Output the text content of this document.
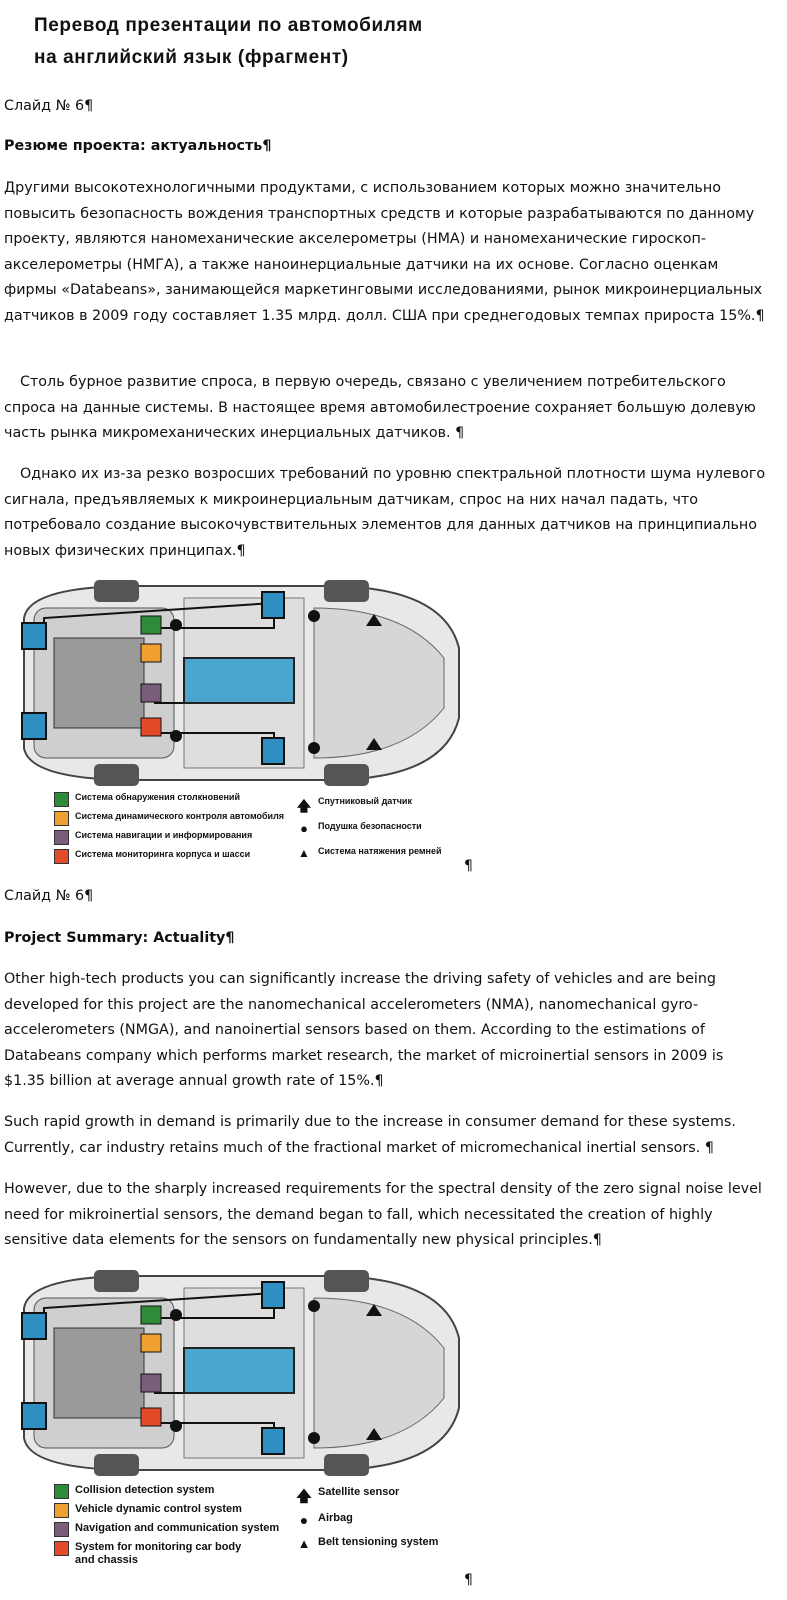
Перевод презентации по автомобилям
на английский язык (фрагмент)

Слайд № 6¶

Резюме проекта: актуальность¶

Другими высокотехнологичными продуктами, с использованием которых можно значительно повысить безопасность вождения транспортных средств и которые разрабатываются по данному проекту, являются наномеханические акселерометры (НМА) и наномеханические гироскоп-акселерометры (НМГА), а также наноинерциальные датчики на их основе. Согласно оценкам фирмы «Databeans», занимающейся маркетинговыми исследованиями, рынок микроинерциальных датчиков в 2009 году составляет 1.35 млрд. долл. США при среднегодовых темпах прироста 15%.¶

Столь бурное развитие спроса, в первую очередь, связано с увеличением потребительского спроса на данные системы. В настоящее время автомобилестроение сохраняет большую долевую часть рынка микромеханических инерциальных датчиков. ¶

Однако их из-за резко возросших требований по уровню спектральной плотности шума нулевого сигнала, предъявляемых к микроинерциальным датчикам, спрос на них начал падать, что потребовало создание высокочувствительных элементов для данных датчиков на принципиально новых физических принципах.¶

Система обнаружения столкновений
Система динамического контроля автомобиля
Система навигации и информирования
Система мониторинга корпуса и шасси
🡅 Спутниковый датчик
●	Подушка безопасности
▲ Система натяжения ремней
¶

Слайд № 6¶

Project Summary: Actuality¶

Other high-tech products you can significantly increase the driving safety of vehicles and are being developed for this project are the nanomechanical accelerometers (NMA), nanomechanical gyro-accelerometers (NMGA), and nanoinertial sensors based on them. According to the estimations of Databeans company which performs market research, the market of microinertial sensors in 2009 is $1.35 billion at average annual growth rate of 15%.¶

Such rapid growth in demand is primarily due to the increase in consumer demand for these systems. Currently, car industry retains much of the fractional market of micromechanical inertial sensors. ¶

However, due to the sharply increased requirements for the spectral density of the zero signal noise level need for mikroinertial sensors, the demand began to fall, which necessitated the creation of highly sensitive data elements for the sensors on fundamentally new physical principles.¶

Collision detection system
Vehicle dynamic control system
Navigation and communication system
System for monitoring car body
and chassis
🡅 Satellite sensor
● Airbag
▲ Belt tensioning system
¶
